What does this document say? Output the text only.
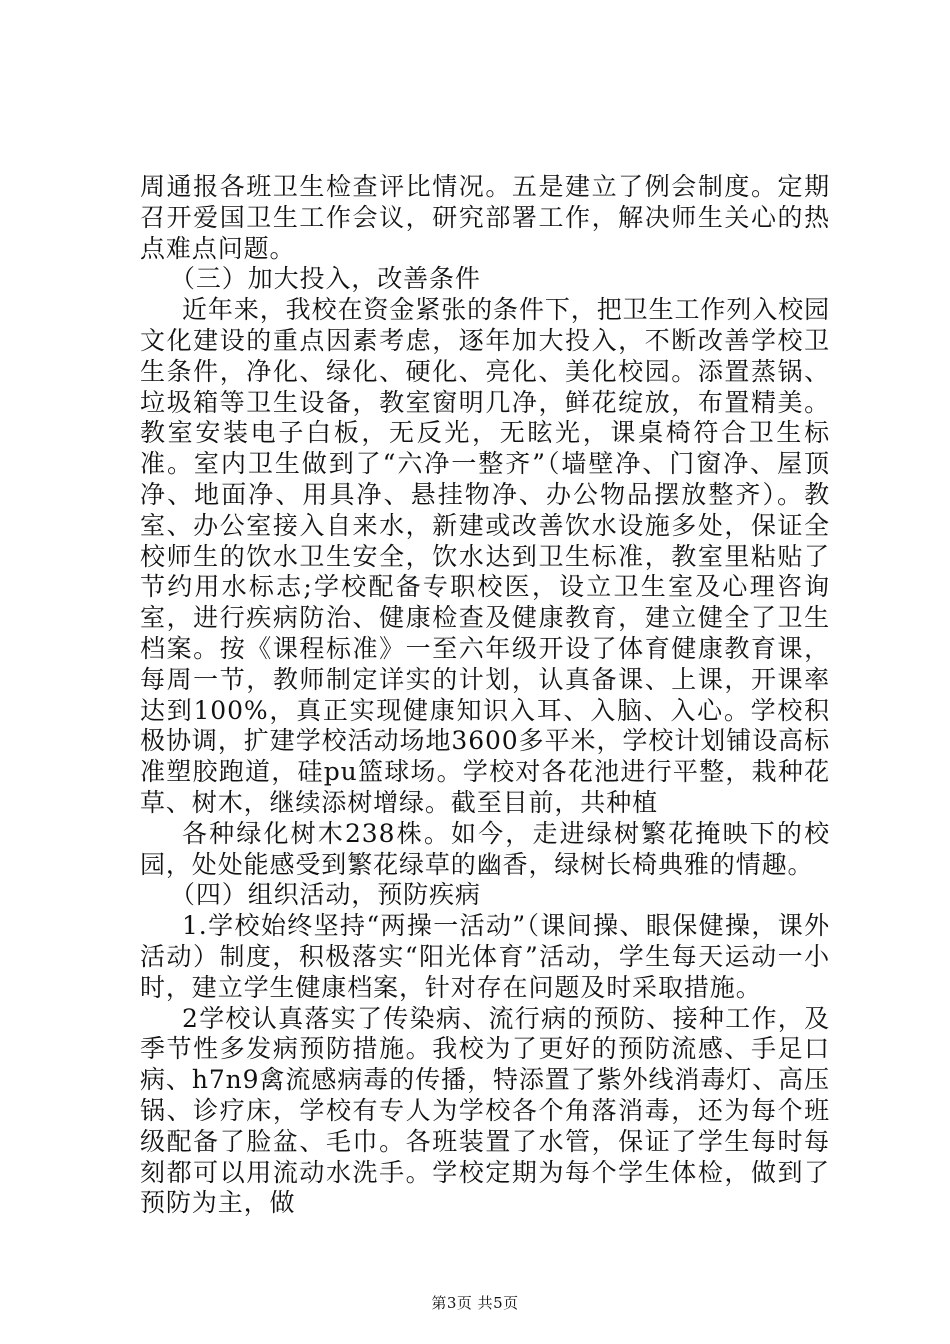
周通报各班卫生检查评比情况。五是建立了例会制度。定期召开爱国卫生工作会议，研究部署工作，解决师生关心的热点难点问题。

（三）加大投入，改善条件

近年来，我校在资金紧张的条件下，把卫生工作列入校园文化建设的重点因素考虑，逐年加大投入，不断改善学校卫生条件，净化、绿化、硬化、亮化、美化校园。添置蒸锅、垃圾箱等卫生设备，教室窗明几净，鲜花绽放，布置精美。教室安装电子白板，无反光，无眩光，课桌椅符合卫生标准。室内卫生做到了“六净一整齐”（墙壁净、门窗净、屋顶净、地面净、用具净、悬挂物净、办公物品摆放整齐）。教室、办公室接入自来水，新建或改善饮水设施多处，保证全校师生的饮水卫生安全，饮水达到卫生标准，教室里粘贴了节约用水标志;学校配备专职校医，设立卫生室及心理咨询室，进行疾病防治、健康检查及健康教育，建立健全了卫生档案。按《课程标准》一至六年级开设了体育健康教育课，每周一节，教师制定详实的计划，认真备课、上课，开课率达到100%，真正实现健康知识入耳、入脑、入心。学校积极协调，扩建学校活动场地3600多平米，学校计划铺设高标准塑胶跑道，硅pu篮球场。学校对各花池进行平整，栽种花草、树木，继续添树增绿。截至目前，共种植

各种绿化树木238株。如今，走进绿树繁花掩映下的校园，处处能感受到繁花绿草的幽香，绿树长椅典雅的情趣。

（四）组织活动，预防疾病

1.学校始终坚持“两操一活动”（课间操、眼保健操，课外活动）制度，积极落实“阳光体育”活动，学生每天运动一小时，建立学生健康档案，针对存在问题及时采取措施。

2学校认真落实了传染病、流行病的预防、接种工作，及季节性多发病预防措施。我校为了更好的预防流感、手足口病、h7n9禽流感病毒的传播，特添置了紫外线消毒灯、高压锅、诊疗床，学校有专人为学校各个角落消毒，还为每个班级配备了脸盆、毛巾。各班装置了水管，保证了学生每时每刻都可以用流动水洗手。学校定期为每个学生体检，做到了预防为主，做

第3页 共5页
